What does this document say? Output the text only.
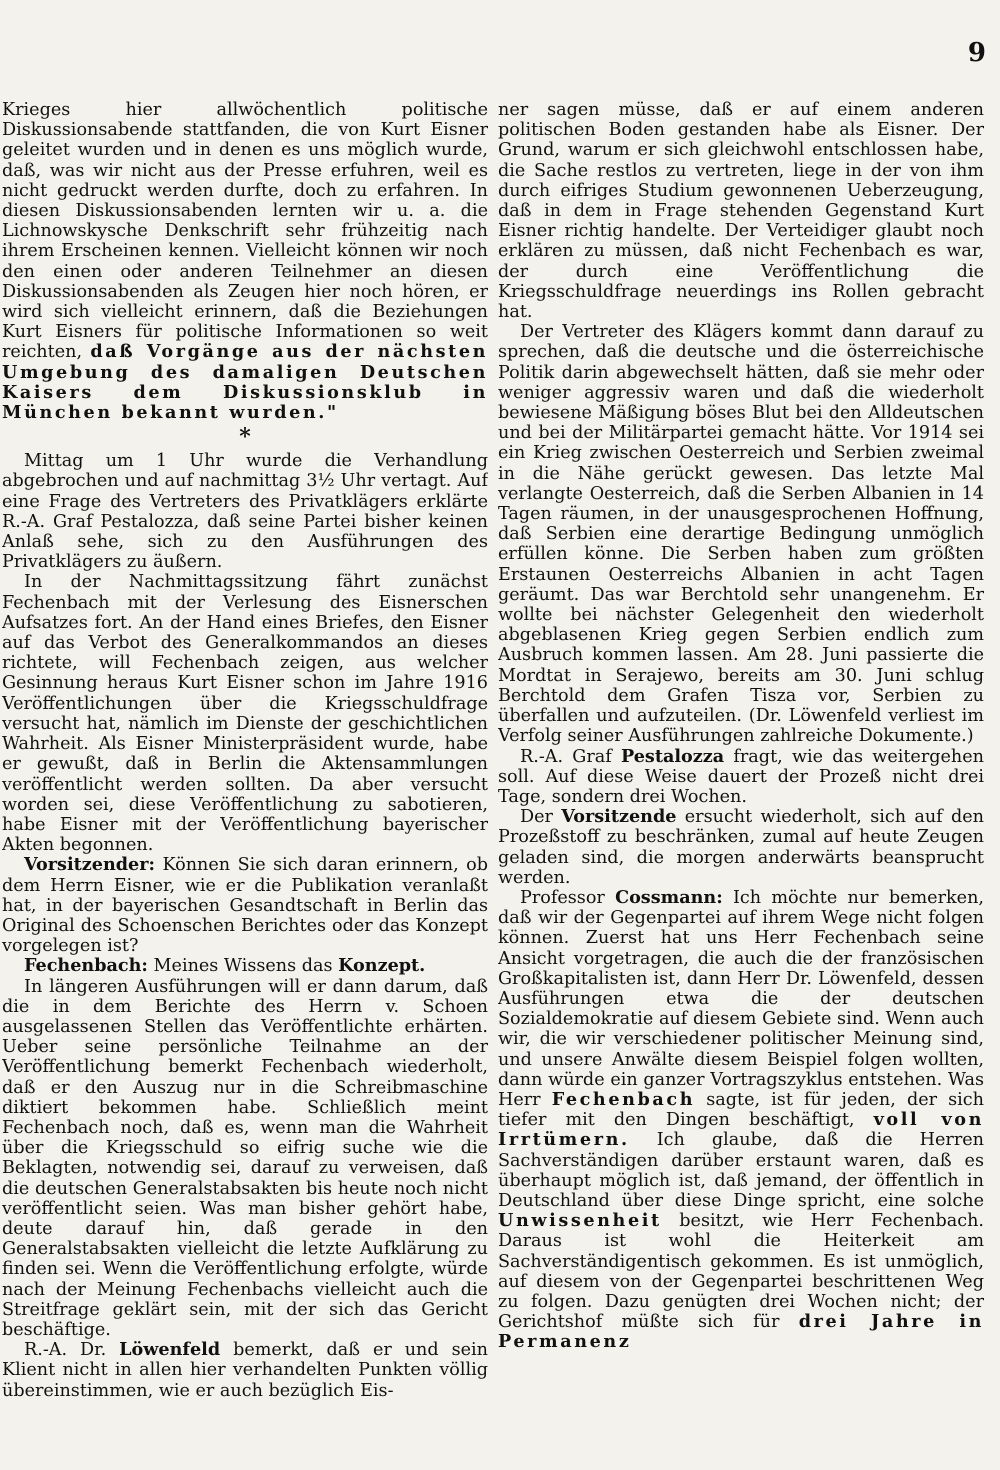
9

Krieges hier allwöchentlich politische Diskussionsabende stattfanden, die von Kurt Eisner geleitet wurden und in denen es uns möglich wurde, daß, was wir nicht aus der Presse erfuhren, weil es nicht gedruckt werden durfte, doch zu erfahren. In diesen Diskussionsabenden lernten wir u. a. die Lichnowskysche Denkschrift sehr frühzeitig nach ihrem Erscheinen kennen. Vielleicht können wir noch den einen oder anderen Teilnehmer an diesen Diskussionsabenden als Zeugen hier noch hören, er wird sich vielleicht erinnern, daß die Beziehungen Kurt Eisners für politische Informationen so weit reichten, daß Vorgänge aus der nächsten Umgebung des damaligen Deutschen Kaisers dem Diskussionsklub in München bekannt wurden."

*

Mittag um 1 Uhr wurde die Verhandlung abgebrochen und auf nachmittag 3½ Uhr vertagt. Auf eine Frage des Vertreters des Privatklägers erklärte R.-A. Graf Pestalozza, daß seine Partei bisher keinen Anlaß sehe, sich zu den Ausführungen des Privatklägers zu äußern.

In der Nachmittagssitzung fährt zunächst Fechenbach mit der Verlesung des Eisnerschen Aufsatzes fort. An der Hand eines Briefes, den Eisner auf das Verbot des Generalkommandos an dieses richtete, will Fechenbach zeigen, aus welcher Gesinnung heraus Kurt Eisner schon im Jahre 1916 Veröffentlichungen über die Kriegsschuldfrage versucht hat, nämlich im Dienste der geschichtlichen Wahrheit. Als Eisner Ministerpräsident wurde, habe er gewußt, daß in Berlin die Aktensammlungen veröffentlicht werden sollten. Da aber versucht worden sei, diese Veröffentlichung zu sabotieren, habe Eisner mit der Veröffentlichung bayerischer Akten begonnen.

Vorsitzender: Können Sie sich daran erinnern, ob dem Herrn Eisner, wie er die Publikation veranlaßt hat, in der bayerischen Gesandtschaft in Berlin das Original des Schoenschen Berichtes oder das Konzept vorgelegen ist?

Fechenbach: Meines Wissens das Konzept.

In längeren Ausführungen will er dann darum, daß die in dem Berichte des Herrn v. Schoen ausgelassenen Stellen das Veröffentlichte erhärten. Ueber seine persönliche Teilnahme an der Veröffentlichung bemerkt Fechenbach wiederholt, daß er den Auszug nur in die Schreibmaschine diktiert bekommen habe. Schließlich meint Fechenbach noch, daß es, wenn man die Wahrheit über die Kriegsschuld so eifrig suche wie die Beklagten, notwendig sei, darauf zu verweisen, daß die deutschen Generalstabsakten bis heute noch nicht veröffentlicht seien. Was man bisher gehört habe, deute darauf hin, daß gerade in den Generalstabsakten vielleicht die letzte Aufklärung zu finden sei. Wenn die Veröffentlichung erfolgte, würde nach der Meinung Fechenbachs vielleicht auch die Streitfrage geklärt sein, mit der sich das Gericht beschäftige.

R.-A. Dr. Löwenfeld bemerkt, daß er und sein Klient nicht in allen hier verhandelten Punkten völlig übereinstimmen, wie er auch bezüglich Eis-

ner sagen müsse, daß er auf einem anderen politischen Boden gestanden habe als Eisner. Der Grund, warum er sich gleichwohl entschlossen habe, die Sache restlos zu vertreten, liege in der von ihm durch eifriges Studium gewonnenen Ueberzeugung, daß in dem in Frage stehenden Gegenstand Kurt Eisner richtig handelte. Der Verteidiger glaubt noch erklären zu müssen, daß nicht Fechenbach es war, der durch eine Veröffentlichung die Kriegsschuldfrage neuerdings ins Rollen gebracht hat.

Der Vertreter des Klägers kommt dann darauf zu sprechen, daß die deutsche und die österreichische Politik darin abgewechselt hätten, daß sie mehr oder weniger aggressiv waren und daß die wiederholt bewiesene Mäßigung böses Blut bei den Alldeutschen und bei der Militärpartei gemacht hätte. Vor 1914 sei ein Krieg zwischen Oesterreich und Serbien zweimal in die Nähe gerückt gewesen. Das letzte Mal verlangte Oesterreich, daß die Serben Albanien in 14 Tagen räumen, in der unausgesprochenen Hoffnung, daß Serbien eine derartige Bedingung unmöglich erfüllen könne. Die Serben haben zum größten Erstaunen Oesterreichs Albanien in acht Tagen geräumt. Das war Berchtold sehr unangenehm. Er wollte bei nächster Gelegenheit den wiederholt abgeblasenen Krieg gegen Serbien endlich zum Ausbruch kommen lassen. Am 28. Juni passierte die Mordtat in Serajewo, bereits am 30. Juni schlug Berchtold dem Grafen Tisza vor, Serbien zu überfallen und aufzuteilen. (Dr. Löwenfeld verliest im Verfolg seiner Ausführungen zahlreiche Dokumente.)

R.-A. Graf Pestalozza fragt, wie das weitergehen soll. Auf diese Weise dauert der Prozeß nicht drei Tage, sondern drei Wochen.

Der Vorsitzende ersucht wiederholt, sich auf den Prozeßstoff zu beschränken, zumal auf heute Zeugen geladen sind, die morgen anderwärts beansprucht werden.

Professor Cossmann: Ich möchte nur bemerken, daß wir der Gegenpartei auf ihrem Wege nicht folgen können. Zuerst hat uns Herr Fechenbach seine Ansicht vorgetragen, die auch die der französischen Großkapitalisten ist, dann Herr Dr. Löwenfeld, dessen Ausführungen etwa die der deutschen Sozialdemokratie auf diesem Gebiete sind. Wenn auch wir, die wir verschiedener politischer Meinung sind, und unsere Anwälte diesem Beispiel folgen wollten, dann würde ein ganzer Vortragszyklus entstehen. Was Herr Fechenbach sagte, ist für jeden, der sich tiefer mit den Dingen beschäftigt, voll von Irrtümern. Ich glaube, daß die Herren Sachverständigen darüber erstaunt waren, daß es überhaupt möglich ist, daß jemand, der öffentlich in Deutschland über diese Dinge spricht, eine solche Unwissenheit besitzt, wie Herr Fechenbach. Daraus ist wohl die Heiterkeit am Sachverständigentisch gekommen. Es ist unmöglich, auf diesem von der Gegenpartei beschrittenen Weg zu folgen. Dazu genügten drei Wochen nicht; der Gerichtshof müßte sich für drei Jahre in Permanenz
